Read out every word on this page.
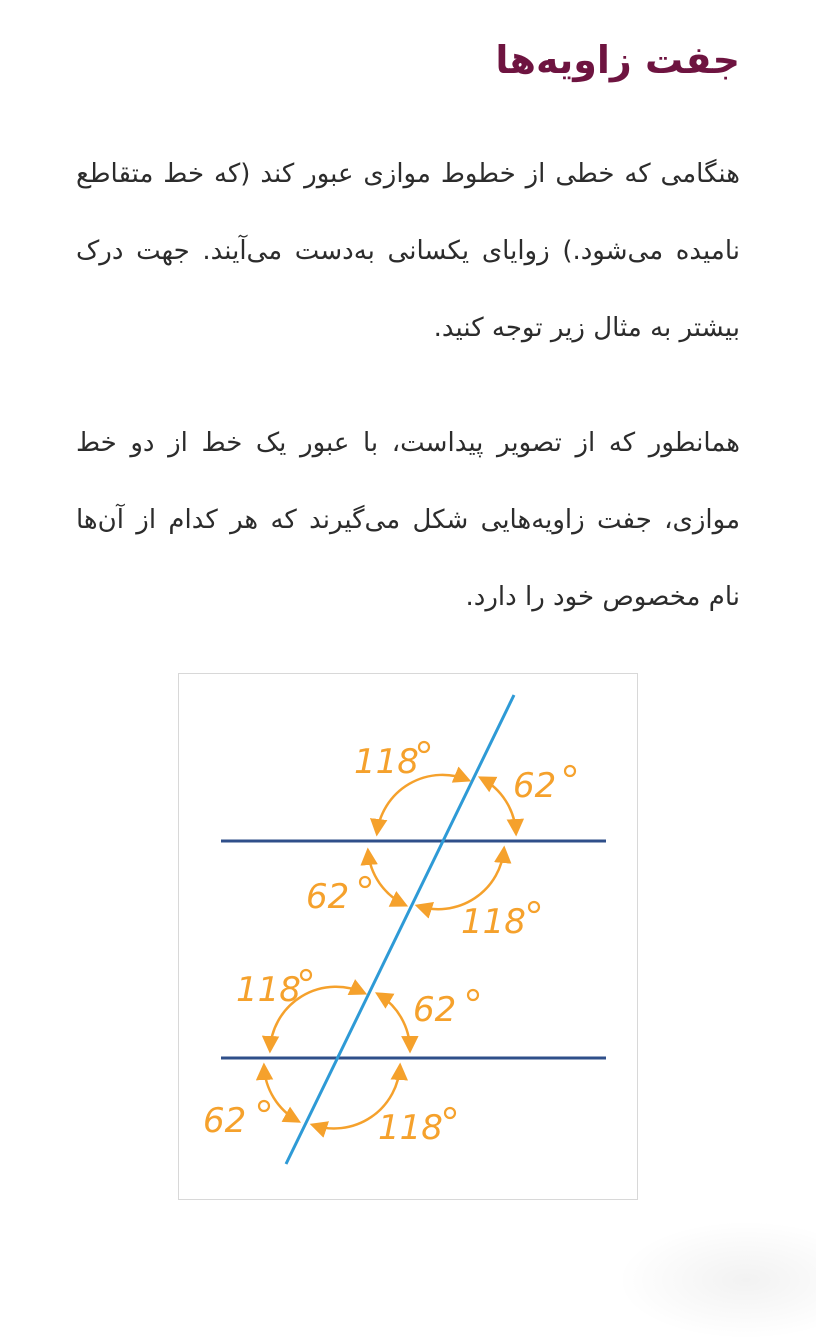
جفت زاویه‌ها

هنگامی که خطی از خطوط موازی عبور کند (که خط متقاطع نامیده می‌شود.) زوایای یکسانی به‌دست می‌آیند. جهت درک بیشتر به مثال زیر توجه کنید.

همانطور که از تصویر پیداست، با عبور یک خط از دو خط موازی، جفت زاویه‌هایی شکل می‌گیرند که هر کدام از آن‌ها نام مخصوص خود را دارد.

118
62
62
118
118	62
62	118
